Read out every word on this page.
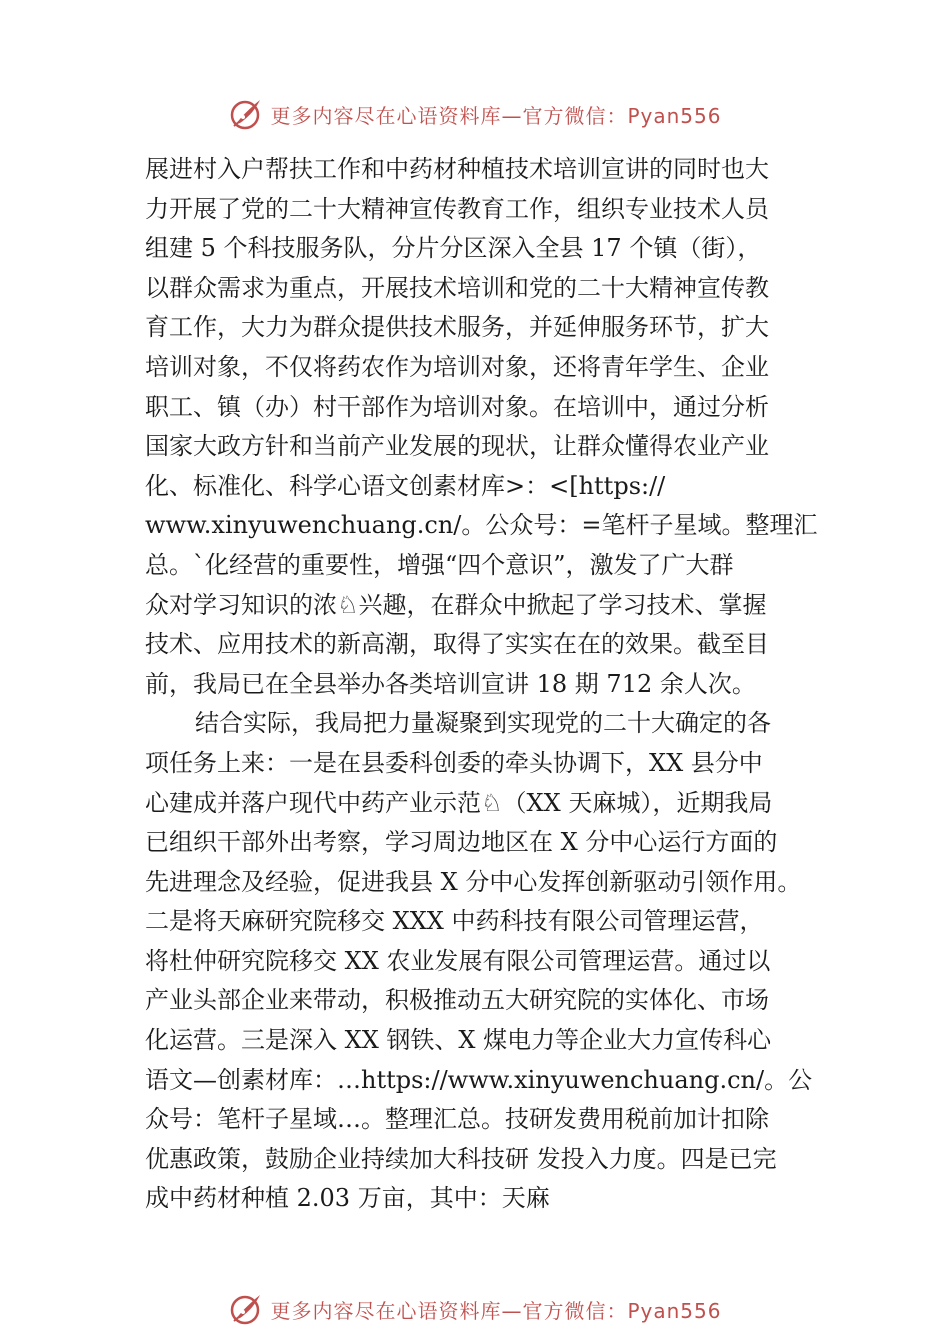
更多内容尽在心语资料库—官方微信：Pyan556
展进村入户帮扶工作和中药材种植技术培训宣讲的同时也大
力开展了党的二十大精神宣传教育工作，组织专业技术人员
组建 5 个科技服务队，分片分区深入全县 17 个镇（街），
以群众需求为重点，开展技术培训和党的二十大精神宣传教
育工作，大力为群众提供技术服务，并延伸服务环节，扩大
培训对象，不仅将药农作为培训对象，还将青年学生、企业
职工、镇（办）村干部作为培训对象。在培训中，通过分析
国家大政方针和当前产业发展的现状，让群众懂得农业产业
化、标准化、科学心语文创素材库>：<[https://
www.xinyuwenchuang.cn/。公众号：=笔杆子星域。整理汇
总。`化经营的重要性，增强“四个意识”，激发了广大群
众对学习知识的浓♘兴趣，在群众中掀起了学习技术、掌握
技术、应用技术的新高潮，取得了实实在在的效果。截至目
前，我局已在全县举办各类培训宣讲 18 期 712 余人次。
结合实际，我局把力量凝聚到实现党的二十大确定的各
项任务上来：一是在县委科创委的牵头协调下，XX 县分中
心建成并落户现代中药产业示范♘（XX 天麻城），近期我局
已组织干部外出考察，学习周边地区在 X 分中心运行方面的
先进理念及经验，促进我县 X 分中心发挥创新驱动引领作用。
二是将天麻研究院移交 XXX 中药科技有限公司管理运营，
将杜仲研究院移交 XX 农业发展有限公司管理运营。通过以
产业头部企业来带动，积极推动五大研究院的实体化、市场
化运营。三是深入 XX 钢铁、X 煤电力等企业大力宣传科心
语文—创素材库：…https://www.xinyuwenchuang.cn/。公
众号：笔杆子星域…。整理汇总。技研发费用税前加计扣除
优惠政策，鼓励企业持续加大科技研 发投入力度。四是已完
成中药材种植 2.03 万亩，其中：天麻
更多内容尽在心语资料库—官方微信：Pyan556
